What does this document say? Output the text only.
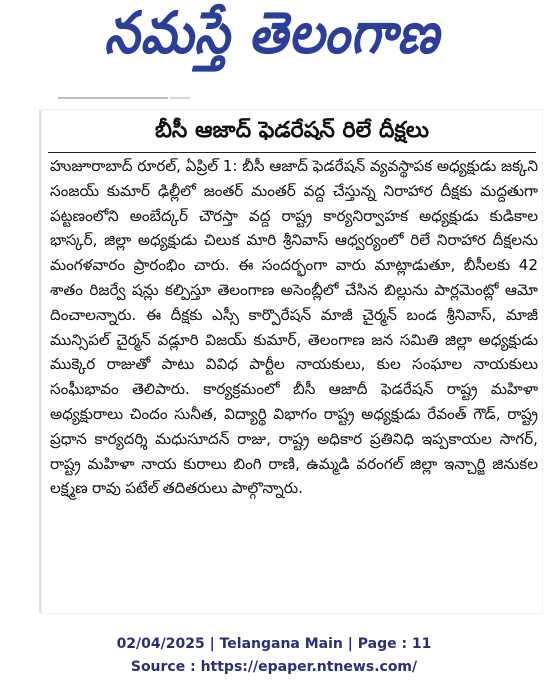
నమస్తే తెలంగాణ
బీసీ ఆజాద్ ఫెడరేషన్ రిలే దీక్షలు
హుజూరాబాద్ రూరల్, ఏప్రిల్ 1: బీసీ ఆజాద్ ఫెడరేషన్ వ్యవస్థాపక అధ్యక్షుడు జక్కని సంజయ్ కుమార్ ఢిల్లీలో జంతర్ మంతర్ వద్ద చేస్తున్న నిరాహార దీక్షకు మద్దతుగా పట్టణంలోని అంబేద్కర్ చౌరస్తా వద్ద రాష్ట్ర కార్యనిర్వాహక అధ్యక్షుడు కుడికాల భాస్కర్, జిల్లా అధ్యక్షుడు చిలుక మారి శ్రీనివాస్ ఆధ్వర్యంలో రిలే నిరాహార దీక్షలను మంగళవారం ప్రారంభిం చారు. ఈ సందర్భంగా వారు మాట్లాడుతూ, బీసీలకు 42 శాతం రిజర్వే షన్లు కల్పిస్తూ తెలంగాణ అసెంబ్లీలో చేసిన బిల్లును పార్లమెంట్లో ఆమో దించాలన్నారు. ఈ దీక్షకు ఎస్సీ కార్పొరేషన్ మాజీ చైర్మన్ బండ శ్రీనివాస్, మాజీ మున్సిపల్ చైర్మన్ వడ్లూరి విజయ్ కుమార్, తెలంగాణ జన సమితి జిల్లా అధ్యక్షుడు ముక్కెర రాజుతో పాటు వివిధ పార్టీల నాయకులు, కుల సంఘాల నాయకులు సంఘీభావం తెలిపారు. కార్యక్రమంలో బీసీ ఆజాదీ ఫెడరేషన్ రాష్ట్ర మహిళా అధ్యక్షురాలు చిందం సునీత, విద్యార్థి విభాగం రాష్ట్ర అధ్యక్షుడు రేవంత్ గౌడ్, రాష్ట్ర ప్రధాన కార్యదర్శి మధుసూదన్ రాజు, రాష్ట్ర అధికార ప్రతినిధి ఇప్పకాయల సాగర్, రాష్ట్ర మహిళా నాయ కురాలు బింగి రాణి, ఉమ్మడి వరంగల్ జిల్లా ఇన్చార్జి జినుకల లక్ష్మణ రావు పటేల్ తదితరులు పాల్గొన్నారు.
02/04/2025 | Telangana Main | Page : 11
Source : https://epaper.ntnews.com/
